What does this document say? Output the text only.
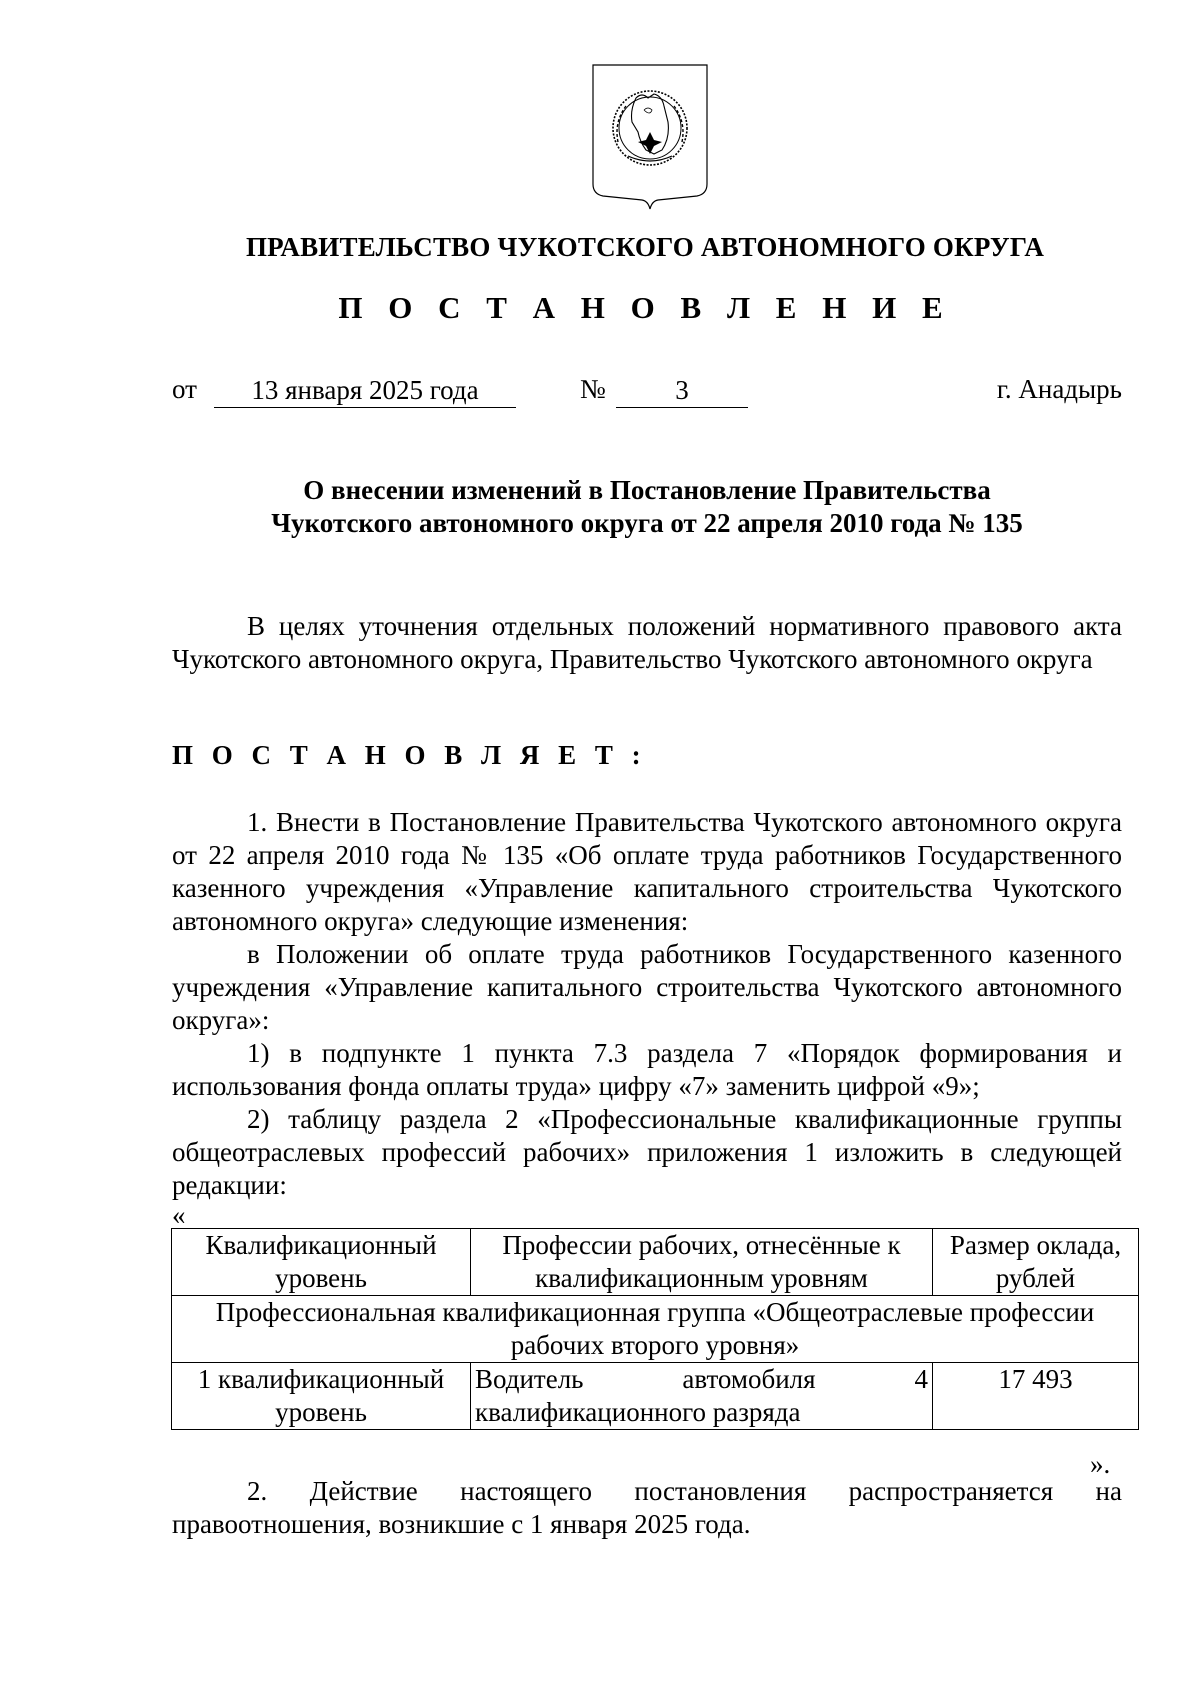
ПРАВИТЕЛЬСТВО ЧУКОТСКОГО АВТОНОМНОГО ОКРУГА
П О С Т А Н О В Л Е Н И Е
от	13 января 2025 года	№	3	г. Анадырь
О внесении изменений в Постановление Правительства
Чукотского автономного округа от 22 апреля 2010 года № 135

В целях уточнения отдельных положений нормативного правового акта Чукотского автономного округа, Правительство Чукотского автономного округа

П О С Т А Н О В Л Я Е Т :

1. Внести в Постановление Правительства Чукотского автономного округа от 22 апреля 2010 года № 135 «Об оплате труда работников Государственного казенного учреждения «Управление капитального строительства Чукотского автономного округа» следующие изменения:

в Положении об оплате труда работников Государственного казенного учреждения «Управление капитального строительства Чукотского автономного округа»:

1) в подпункте 1 пункта 7.3 раздела 7 «Порядок формирования и использования фонда оплаты труда» цифру «7» заменить цифрой «9»;

2) таблицу раздела 2 «Профессиональные квалификационные группы общеотраслевых профессий рабочих» приложения 1 изложить в следующей редакции:

«
Квалификационный уровень	Профессии рабочих, отнесённые к квалификационным уровням	Размер оклада, рублей
Профессиональная квалификационная группа «Общеотраслевые профессии рабочих второго уровня»		
1 квалификационный уровень	Водитель автомобиля 4 квалификационного разряда	17 493
».

2. Действие настоящего постановления распространяется на правоотношения, возникшие с 1 января 2025 года.
